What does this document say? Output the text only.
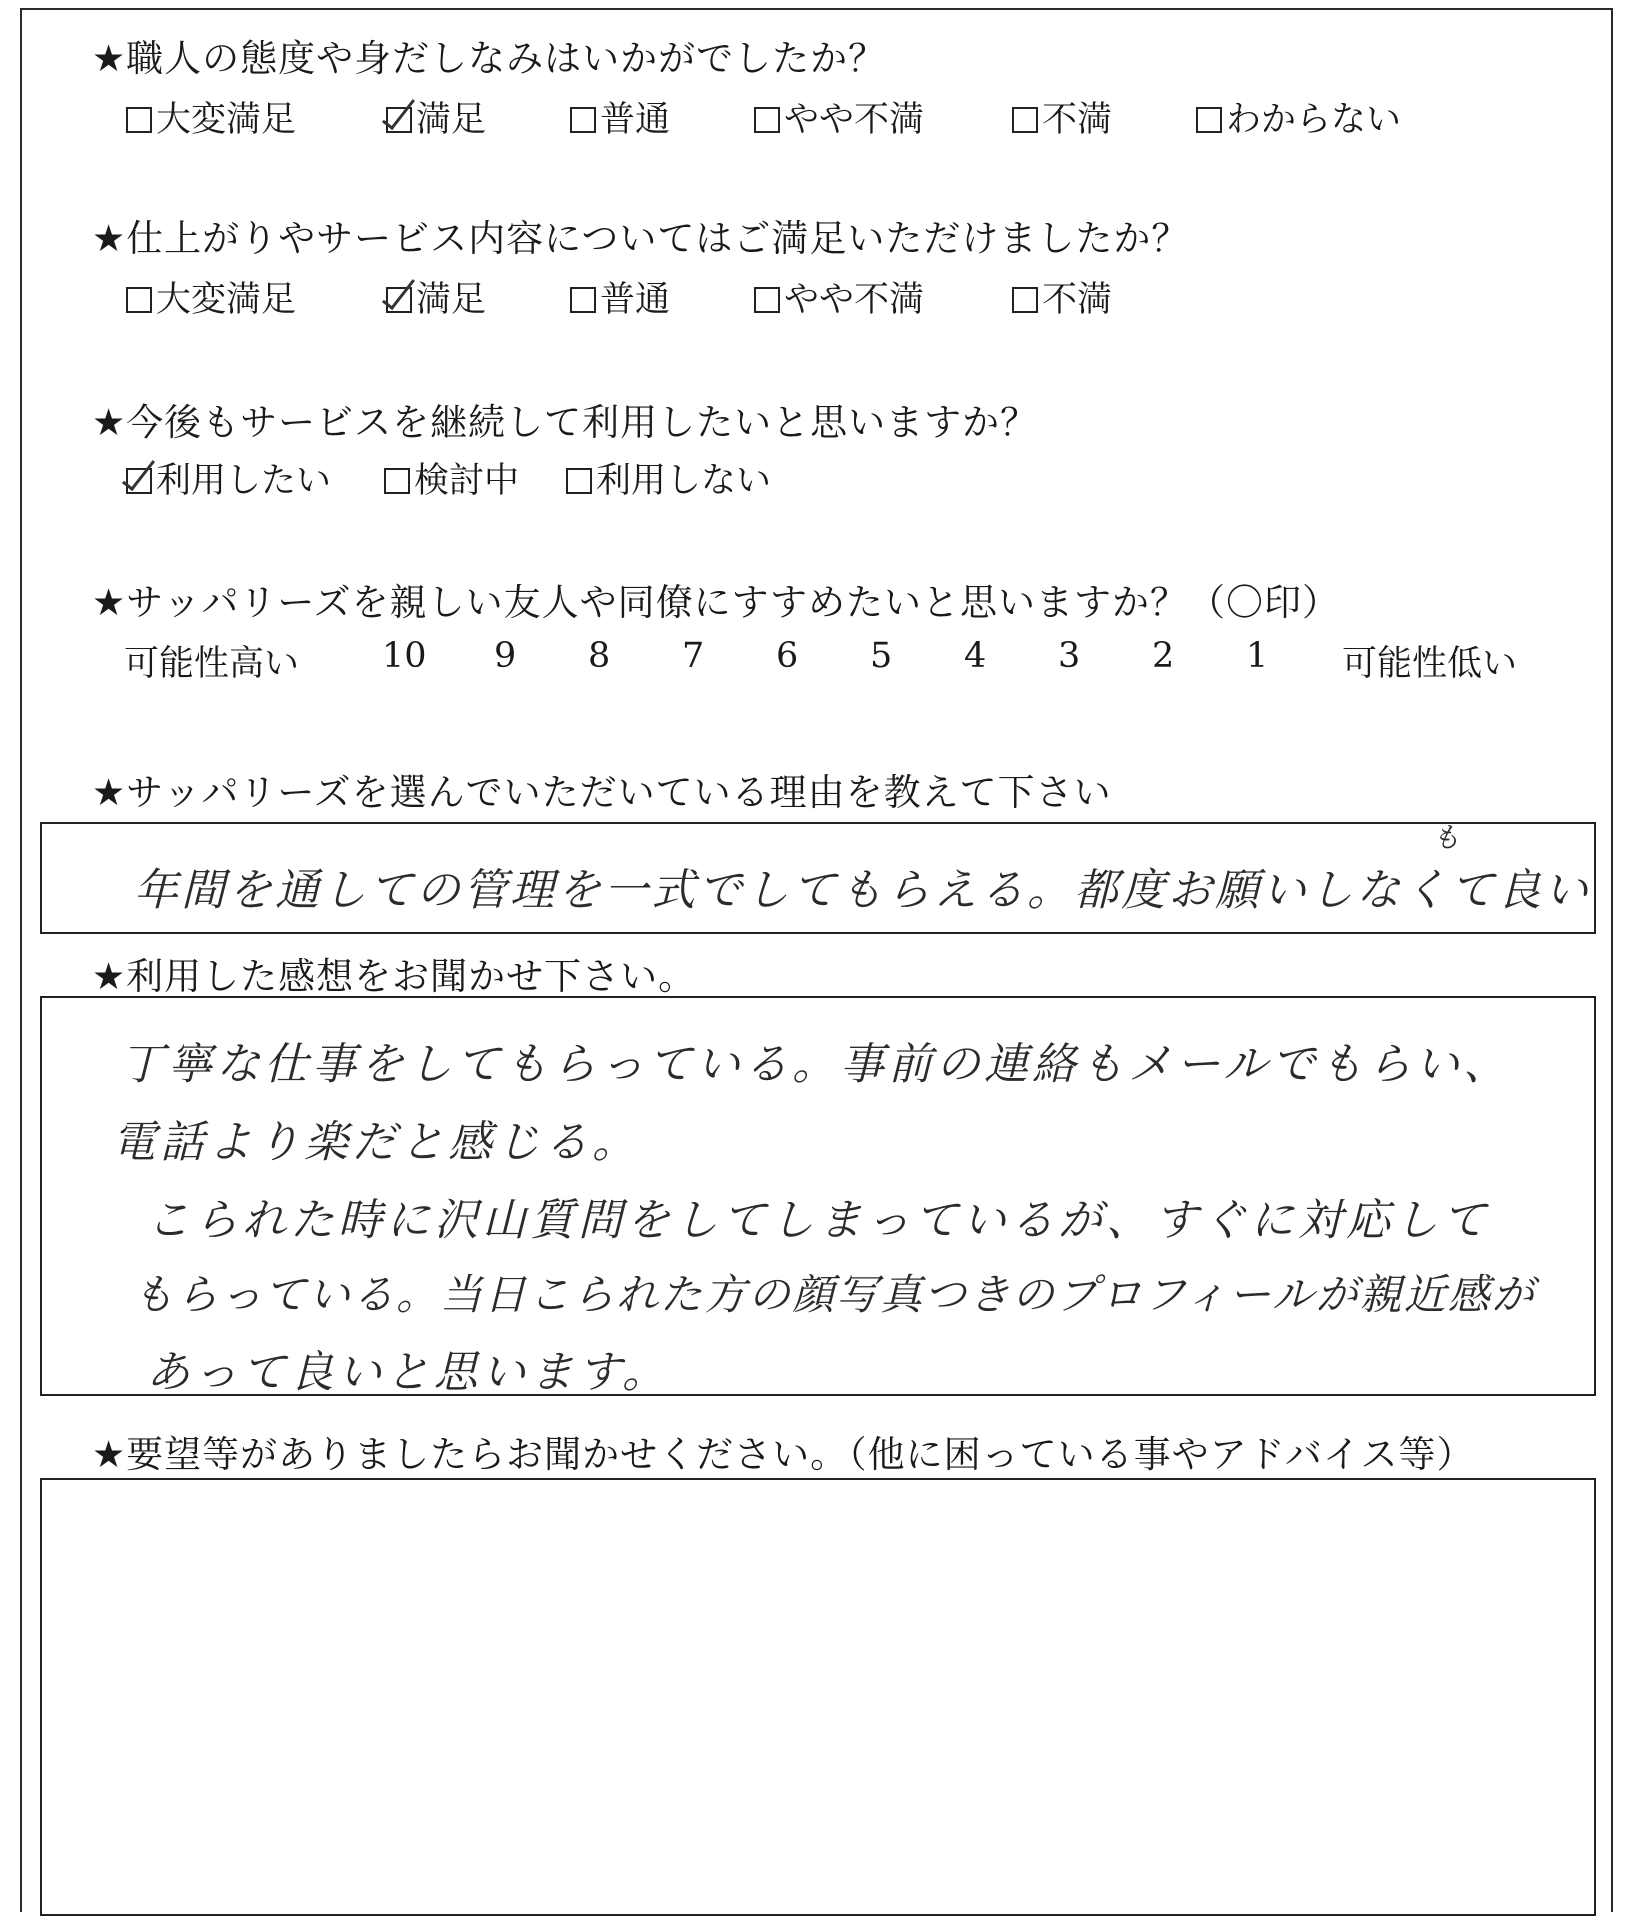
★職人の態度や身だしなみはいかがでしたか？
大変満足	満足	普通	やや不満	不満	わからない
★仕上がりやサービス内容についてはご満足いただけましたか？
大変満足	満足	普通	やや不満	不満
★今後もサービスを継続して利用したいと思いますか？
利用したい	検討中	利用しない
★サッパリーズを親しい友人や同僚にすすめたいと思いますか？（〇印）
可能性高い 10 9 8 7 6 5 4 3 2 1 可能性低い
★サッパリーズを選んでいただいている理由を教えて下さい
年間を通しての管理を一式でしてもらえる。都度お願いしなくて良い
も
★利用した感想をお聞かせ下さい。
丁寧な仕事をしてもらっている。事前の連絡もメールでもらい、
電話より楽だと感じる。
こられた時に沢山質問をしてしまっているが、すぐに対応して
もらっている。当日こられた方の顔写真つきのプロフィールが親近感が
あって良いと思います。
★要望等がありましたらお聞かせください。（他に困っている事やアドバイス等）
